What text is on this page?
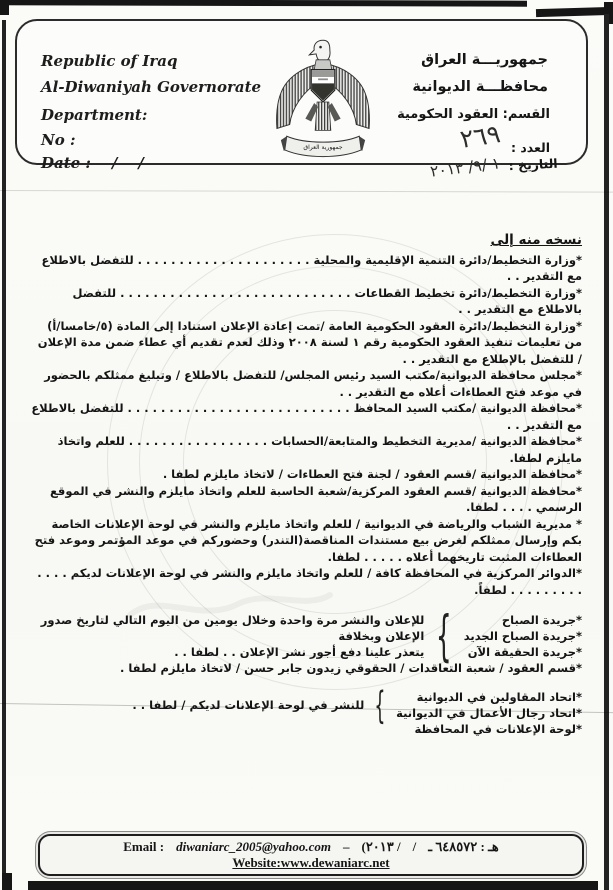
Republic of Iraq
Al-Diwaniyah Governorate
Department:
No :
Date :    /    /
جمهورية العراق
جمهوريـــة العراق
محافظـــة الديوانية
القسم: العقود الحكومية
العدد : ٢٦٩
التاريخ : ١ /٩/ ٢٠١٣
نسخه منه إلى

*وزارة التخطيط/دائرة التنمية الإقليمية والمحلية . . . . . . . . . . . . . . . . . . . . . للتفضل بالاطلاع مع التقدير . .

*وزارة التخطيط/دائرة تخطيط القطاعات . . . . . . . . . . . . . . . . . . . . . . . . . . . . للتفضل بالاطلاع مع التقدير . .

*وزارة التخطيط/دائرة العقود الحكومية العامة /تمت إعادة الإعلان استنادا إلى المادة (٥/خامسا/أ) من تعليمات تنفيذ العقود الحكومية رقم ١ لسنة ٢٠٠٨ وذلك لعدم تقديم أي عطاء ضمن مدة الإعلان / للتفضل بالإطلاع مع التقدير . .

*مجلس محافظة الديوانية/مكتب السيد رئيس المجلس/ للتفضل بالاطلاع / وتبليغ ممثلكم بالحضور في موعد فتح العطاءات أعلاه مع التقدير . .

*محافظة الديوانية /مكتب السيد المحافظ . . . . . . . . . . . . . . . . . . . . . . . . . . . للتفضل بالاطلاع مع التقدير . .

*محافظة الديوانية /مديرية التخطيط والمتابعة/الحسابات . . . . . . . . . . . . . . . . . للعلم واتخاذ مايلزم لطفا.

*محافظة الديوانية /قسم العقود / لجنة فتح العطاءات / لاتخاذ مايلزم لطفا .

*محافظة الديوانية /قسم العقود المركزية/شعبة الحاسبة للعلم واتخاذ مايلزم والنشر في الموقع الرسمي . . . . لطفا.

* مديرية الشباب والرياضة في الديوانية / للعلم واتخاذ مايلزم والنشر في لوحة الإعلانات الخاصة بكم وإرسال ممثلكم لغرض بيع مستندات المناقصة(التندر) وحضوركم في موعد المؤتمر وموعد فتح العطاءات المثبت تاريخهما أعلاه . . . . . لطفا.

*الدوائر المركزية في المحافظة كافة / للعلم واتخاذ مايلزم والنشر في لوحة الإعلانات لديكم . . . . . . . . . . . . . لطفاً.

*جريدة الصباح
*جريدة الصباح الجديد
*جريدة الحقيقة الآن
{
للإعلان والنشر مرة واحدة وخلال يومين من اليوم التالي لتاريخ صدور الإعلان وبخلافة
يتعذر علينا دفع أجور نشر الإعلان . . لطفا . .

*قسم العقود / شعبة التعاقدات / الحقوقي زيدون جابر حسن / لاتخاذ مايلزم لطفا .

*اتحاد المقاولين في الديوانية
*اتحاد رجال الأعمال في الديوانية
{
للنشر في لوحة الإعلانات لديكم / لطفا . .

*لوحة الإعلانات في المحافظة

Email : diwaniarc_2005@yahoo.com – (٢٠١٣ / / هـ : ٦٤٨٥٧٢ ـ
Website:www.dewaniarc.net
